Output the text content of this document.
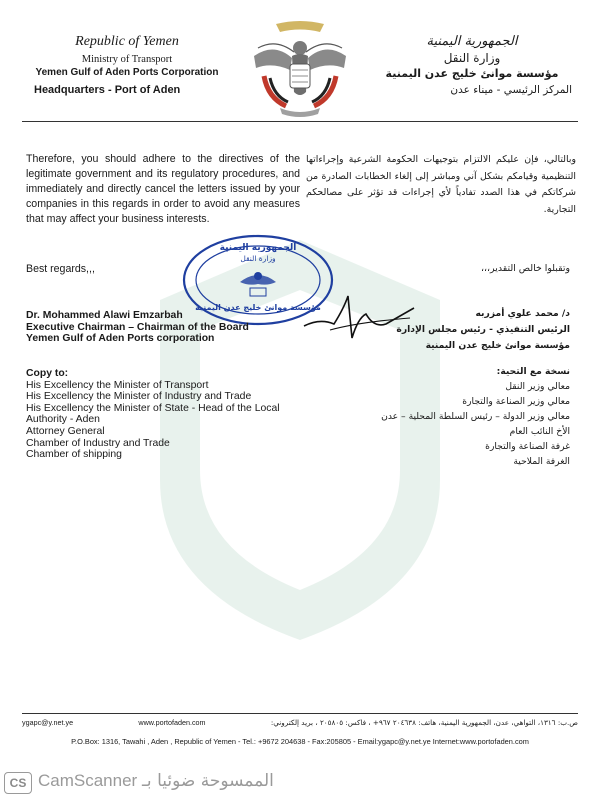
Republic of Yemen
Ministry of Transport
Yemen Gulf of Aden Ports Corporation
Headquarters - Port of Aden
الجمهورية اليمنية
وزارة النقل
مؤسسة موانئ خليج عدن اليمنية
المركز الرئيسي - ميناء عدن
Therefore, you should adhere to the directives of the legitimate government and its regulatory procedures, and immediately and directly cancel the letters issued by your companies in this regards in order to avoid any measures that may affect your business interests.
وبالتالي، فإن عليكم الالتزام بتوجيهات الحكومة الشرعية وإجراءاتها التنظيمية وقيامكم بشكل آني ومباشر إلى إلغاء الخطابات الصادرة من شركاتكم في هذا الصدد تفادياً لأي إجراءات قد تؤثر على مصالحكم التجارية.
Best regards,,,	وتقبلوا خالص التقدير،،،
الجمهورية اليمنية
وزارة النقل
مؤسسة موانئ خليج عدن اليمنية
Dr. Mohammed Alawi Emzarbah
Executive Chairman – Chairman of the Board
Yemen Gulf of Aden Ports corporation
د/ محمد علوي أمزربه
الرئيس التنفيذي - رئيس مجلس الإدارة
مؤسسة موانئ خليج عدن اليمنية
Copy to:
His Excellency the Minister of Transport
His Excellency the Minister of Industry and Trade
His Excellency the Minister of State - Head of the Local
Authority - Aden
Attorney General
Chamber of Industry and Trade
Chamber of shipping
نسخة مع التحية:
معالي وزير النقل
معالي وزير الصناعة والتجارة
معالي وزير الدولة – رئيس السلطة المحلية – عدن
الأخ النائب العام
غرفة الصناعة والتجارة
الغرفة الملاحية
ygapc@y.net.ye	www.portofaden.com	ص.ب: ١٣١٦، التواهي، عدن، الجمهورية اليمنية، هاتف: ٢٠٤٦٣٨ ٩٦٧+ ، فاكس: ٢٠٥٨٠٥ ، بريد إلكتروني:
P.O.Box: 1316, Tawahi , Aden , Republic of Yemen - Tel.: +9672 204638 - Fax:205805 - Email:ygapc@y.net.ye Internet:www.portofaden.com
CS CamScanner الممسوحة ضوئيا بـ
